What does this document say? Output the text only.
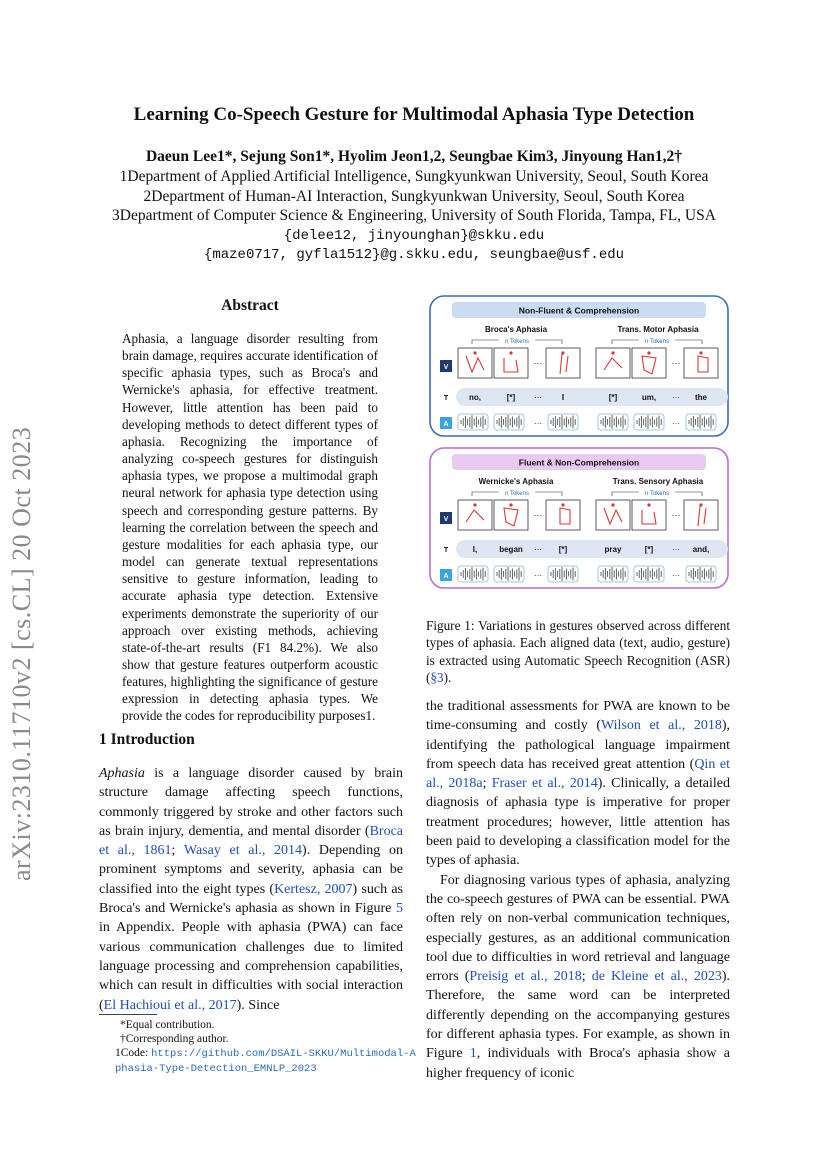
arXiv:2310.11710v2 [cs.CL] 20 Oct 2023
Learning Co-Speech Gesture for Multimodal Aphasia Type Detection
Daeun Lee1*, Sejung Son1*, Hyolim Jeon1,2, Seungbae Kim3, Jinyoung Han1,2†
1Department of Applied Artificial Intelligence, Sungkyunkwan University, Seoul, South Korea
2Department of Human-AI Interaction, Sungkyunkwan University, Seoul, South Korea
3Department of Computer Science & Engineering, University of South Florida, Tampa, FL, USA
{delee12, jinyounghan}@skku.edu
{maze0717, gyfla1512}@g.skku.edu, seungbae@usf.edu
Abstract
Aphasia, a language disorder resulting from brain damage, requires accurate identification of specific aphasia types, such as Broca's and Wernicke's aphasia, for effective treatment. However, little attention has been paid to developing methods to detect different types of aphasia. Recognizing the importance of analyzing co-speech gestures for distinguish aphasia types, we propose a multimodal graph neural network for aphasia type detection using speech and corresponding gesture patterns. By learning the correlation between the speech and gesture modalities for each aphasia type, our model can generate textual representations sensitive to gesture information, leading to accurate aphasia type detection. Extensive experiments demonstrate the superiority of our approach over existing methods, achieving state-of-the-art results (F1 84.2%). We also show that gesture features outperform acoustic features, highlighting the significance of gesture expression in detecting aphasia types. We provide the codes for reproducibility purposes1.
1 Introduction

Aphasia is a language disorder caused by brain structure damage affecting speech functions, commonly triggered by stroke and other factors such as brain injury, dementia, and mental disorder (Broca et al., 1861; Wasay et al., 2014). Depending on prominent symptoms and severity, aphasia can be classified into the eight types (Kertesz, 2007) such as Broca's and Wernicke's aphasia as shown in Figure 5 in Appendix. People with aphasia (PWA) can face various communication challenges due to limited language processing and comprehension capabilities, which can result in difficulties with social interaction (El Hachioui et al., 2017). Since

*Equal contribution.
†Corresponding author.
1Code: https://github.com/DSAIL-SKKU/Multimodal-Aphasia-Type-Detection_EMNLP_2023
Non-Fluent & Comprehension
Broca's Aphasia	Trans. Motor Aphasia
n Tokens	n Tokens
V
T
A
···	···
no,	[*] ··· I	[*]	um, ··· the
···	···
Fluent & Non-Comprehension
Wernicke's Aphasia	Trans. Sensory Aphasia
n Tokens	n Tokens
V
T
A
···	···
I,	began ··· [*]	pray	[*] ··· and,
···	···
Figure 1: Variations in gestures observed across different types of aphasia. Each aligned data (text, audio, gesture) is extracted using Automatic Speech Recognition (ASR) (§3).

the traditional assessments for PWA are known to be time-consuming and costly (Wilson et al., 2018), identifying the pathological language impairment from speech data has received great attention (Qin et al., 2018a; Fraser et al., 2014). Clinically, a detailed diagnosis of aphasia type is imperative for proper treatment procedures; however, little attention has been paid to developing a classification model for the types of aphasia.

For diagnosing various types of aphasia, analyzing the co-speech gestures of PWA can be essential. PWA often rely on non-verbal communication techniques, especially gestures, as an additional communication tool due to difficulties in word retrieval and language errors (Preisig et al., 2018; de Kleine et al., 2023). Therefore, the same word can be interpreted differently depending on the accompanying gestures for different aphasia types. For example, as shown in Figure 1, individuals with Broca's aphasia show a higher frequency of iconic
